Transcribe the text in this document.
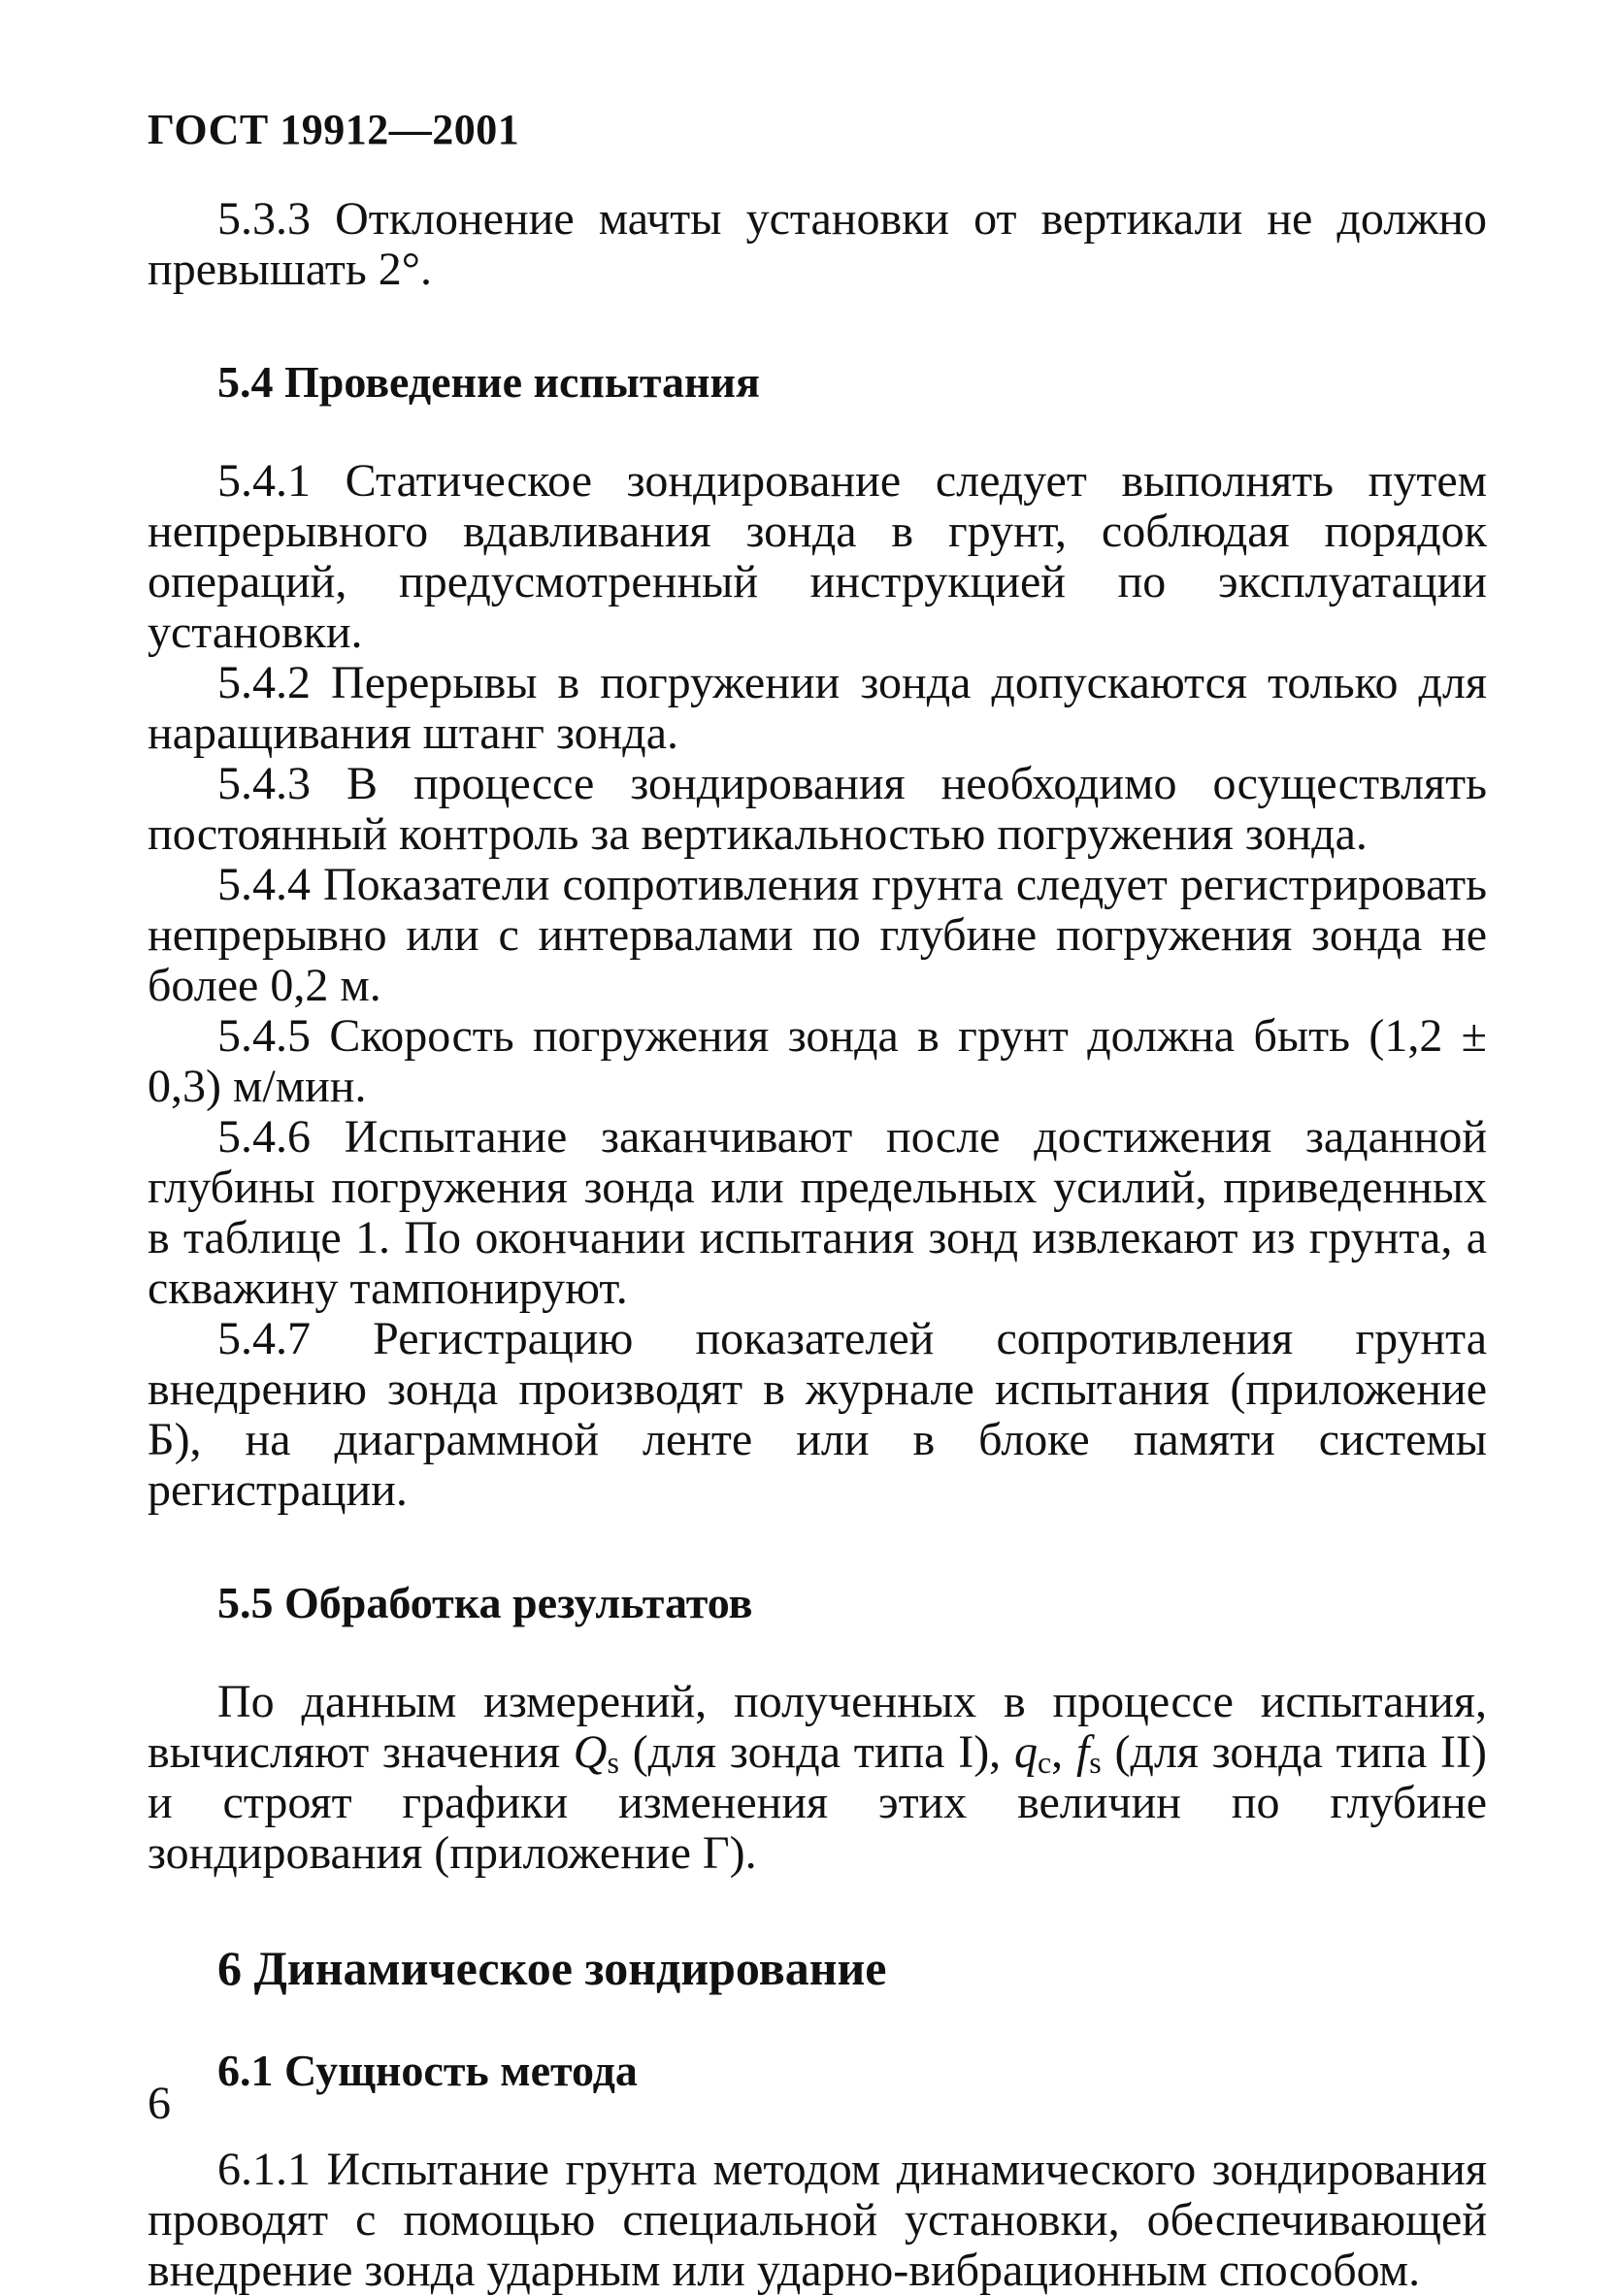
ГОСТ 19912—2001

5.3.3 Отклонение мачты установки от вертикали не должно превышать 2°.

5.4 Проведение испытания

5.4.1 Статическое зондирование следует выполнять путем непрерывного вдавливания зонда в грунт, соблюдая порядок операций, предусмотренный инструкцией по эксплуатации установки.

5.4.2 Перерывы в погружении зонда допускаются только для наращивания штанг зонда.

5.4.3 В процессе зондирования необходимо осуществлять постоянный контроль за вертикальностью погружения зонда.

5.4.4 Показатели сопротивления грунта следует регистрировать непрерывно или с интервалами по глубине погружения зонда не более 0,2 м.

5.4.5 Скорость погружения зонда в грунт должна быть (1,2 ± 0,3) м/мин.

5.4.6 Испытание заканчивают после достижения заданной глубины погружения зонда или предельных усилий, приведенных в таблице 1. По окончании испытания зонд извлекают из грунта, а скважину тампонируют.

5.4.7 Регистрацию показателей сопротивления грунта внедрению зонда производят в журнале испытания (приложение Б), на диаграммной ленте или в блоке памяти системы регистрации.

5.5 Обработка результатов

По данным измерений, полученных в процессе испытания, вычисляют значения $Q_s$ (для зонда типа I), $q_c$, $f_s$ (для зонда типа II) и строят графики изменения этих величин по глубине зондирования (приложение Г).

6 Динамическое зондирование
6.1 Сущность метода

6.1.1 Испытание грунта методом динамического зондирования проводят с помощью специальной установки, обеспечивающей внедрение зонда ударным или ударно-вибрационным способом.

6
